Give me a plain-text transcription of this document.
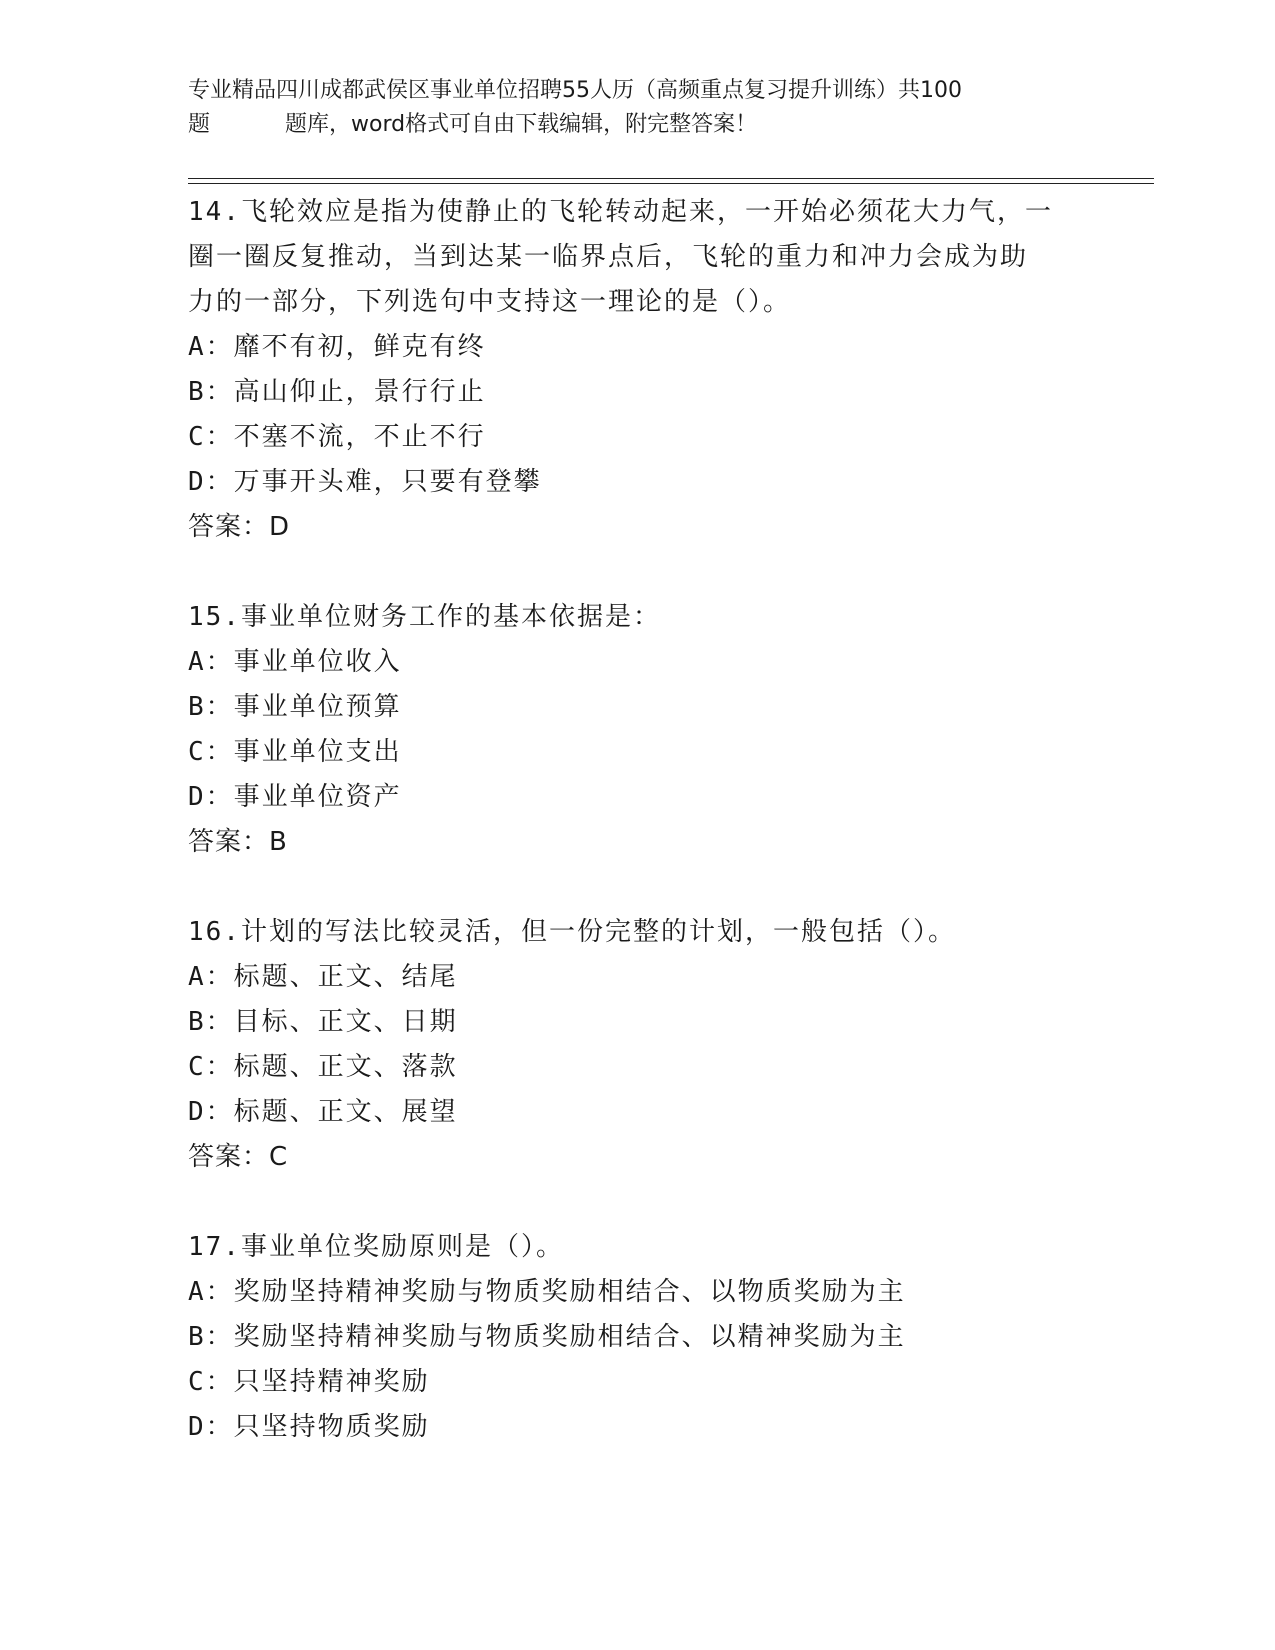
专业精品四川成都武侯区事业单位招聘55人历（高频重点复习提升训练）共100
题	题库，word格式可自由下载编辑，附完整答案！
14.飞轮效应是指为使静止的飞轮转动起来，一开始必须花大力气，一
圈一圈反复推动，当到达某一临界点后，飞轮的重力和冲力会成为助
力的一部分，下列选句中支持这一理论的是（）。
A：靡不有初，鲜克有终
B：高山仰止，景行行止
C：不塞不流，不止不行
D：万事开头难，只要有登攀
答案：D
15.事业单位财务工作的基本依据是：
A：事业单位收入
B：事业单位预算
C：事业单位支出
D：事业单位资产
答案：B
16.计划的写法比较灵活，但一份完整的计划，一般包括（）。
A：标题、正文、结尾
B：目标、正文、日期
C：标题、正文、落款
D：标题、正文、展望
答案：C
17.事业单位奖励原则是（）。
A：奖励坚持精神奖励与物质奖励相结合、以物质奖励为主
B：奖励坚持精神奖励与物质奖励相结合、以精神奖励为主
C：只坚持精神奖励
D：只坚持物质奖励
